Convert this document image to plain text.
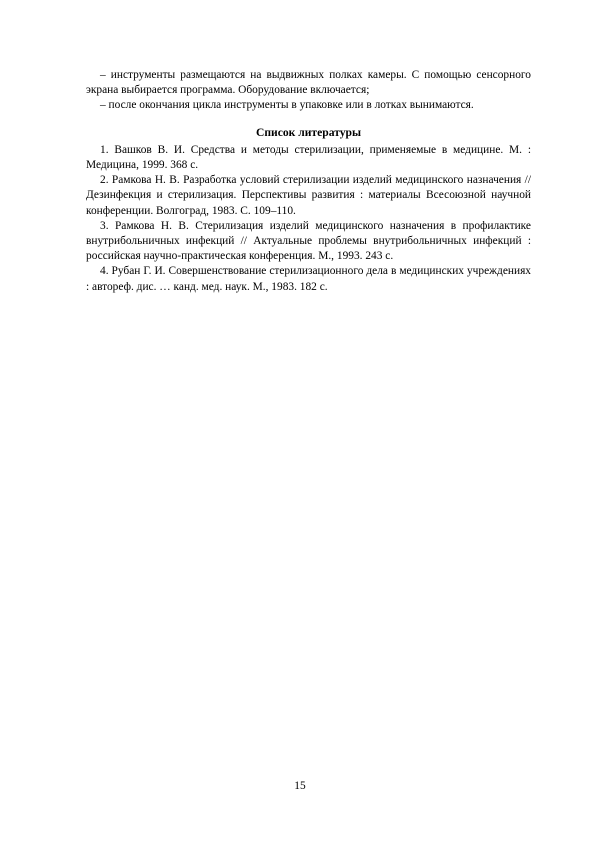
– инструменты размещаются на выдвижных полках камеры. С помощью сенсорного экрана выбирается программа. Оборудование включается;

– после окончания цикла инструменты в упаковке или в лотках вынимаются.

Список литературы

1. Вашков В. И. Средства и методы стерилизации, применяемые в медицине. М. : Медицина, 1999. 368 с.

2. Рамкова Н. В. Разработка условий стерилизации изделий медицинского назначения // Дезинфекция и стерилизация. Перспективы развития : материалы Всесоюзной научной конференции. Волгоград, 1983. С. 109–110.

3. Рамкова Н. В. Стерилизация изделий медицинского назначения в профилактике внутрибольничных инфекций // Актуальные проблемы внутрибольничных инфекций : российская научно-практическая конференция. М., 1993. 243 с.

4. Рубан Г. И. Совершенствование стерилизационного дела в медицинских учреждениях : автореф. дис. … канд. мед. наук. М., 1983. 182 с.

15
